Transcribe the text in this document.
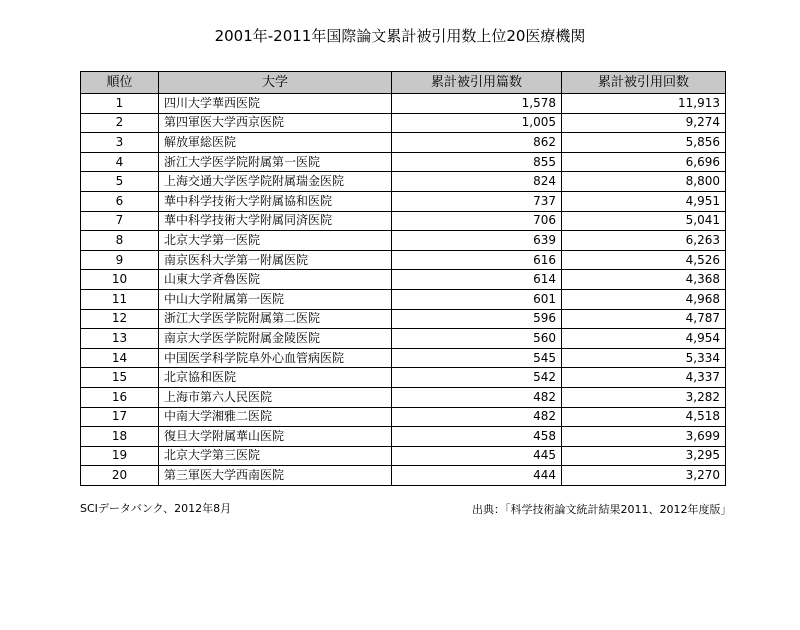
2001年-2011年国際論文累計被引用数上位20医療機関
順位	大学	累計被引用篇数	累計被引用回数
1	四川大学華西医院	1,578	11,913
2	第四軍医大学西京医院	1,005	9,274
3	解放軍総医院	862	5,856
4	浙江大学医学院附属第一医院	855	6,696
5	上海交通大学医学院附属瑞金医院	824	8,800
6	華中科学技術大学附属協和医院	737	4,951
7	華中科学技術大学附属同済医院	706	5,041
8	北京大学第一医院	639	6,263
9	南京医科大学第一附属医院	616	4,526
10	山東大学斉魯医院	614	4,368
11	中山大学附属第一医院	601	4,968
12	浙江大学医学院附属第二医院	596	4,787
13	南京大学医学院附属金陵医院	560	4,954
14	中国医学科学院阜外心血管病医院	545	5,334
15	北京協和医院	542	4,337
16	上海市第六人民医院	482	3,282
17	中南大学湘雅二医院	482	4,518
18	復旦大学附属華山医院	458	3,699
19	北京大学第三医院	445	3,295
20	第三軍医大学西南医院	444	3,270
SCIデータバンク、2012年8月	出典：｢科学技術論文統計結果2011、2012年度版｣
